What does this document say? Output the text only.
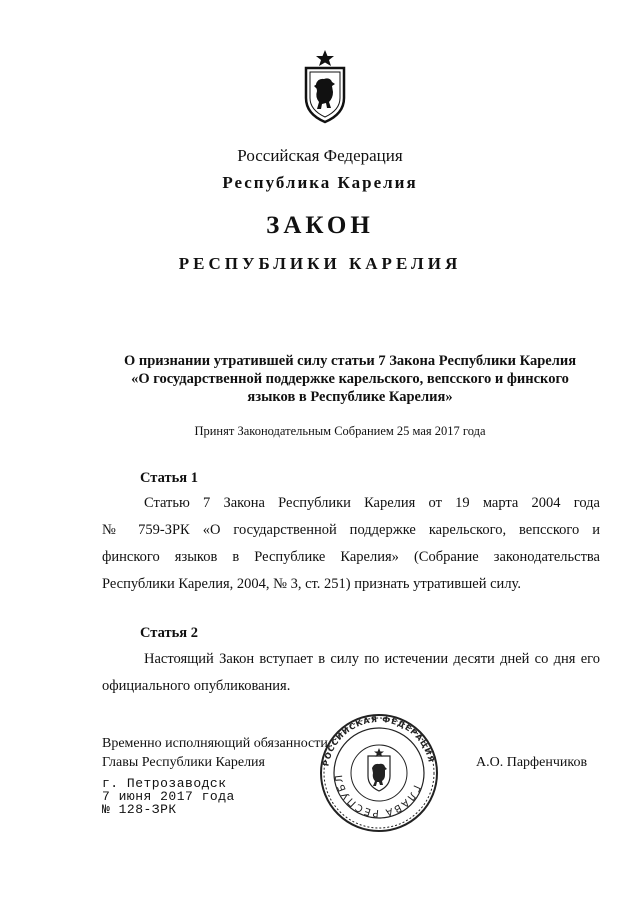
Российская Федерация
Республика Карелия
ЗАКОН
РЕСПУБЛИКИ КАРЕЛИЯ
О признании утратившей силу статьи 7 Закона Республики Карелия
«О государственной поддержке карельского, вепсского и финского
языков в Республике Карелия»
Принят Законодательным Собранием 25 мая 2017 года
Статья 1
Статью 7 Закона Республики Карелия от 19 марта 2004 года
№ 759-ЗРК «О государственной поддержке карельского, вепсского и
финского языков в Республике Карелия» (Собрание законодательства
Республики Карелия, 2004, № 3, ст. 251) признать утратившей силу.
Статья 2
Настоящий Закон вступает в силу по истечении десяти дней со дня его
официального опубликования.
Временно исполняющий обязанности
Главы Республики Карелия	А.О. Парфенчиков
РОССИЙСКАЯ ФЕДЕРАЦИЯ
ГЛАВА РЕСПУБЛ
г. Петрозаводск
7 июня 2017 года
№ 128-ЗРК
